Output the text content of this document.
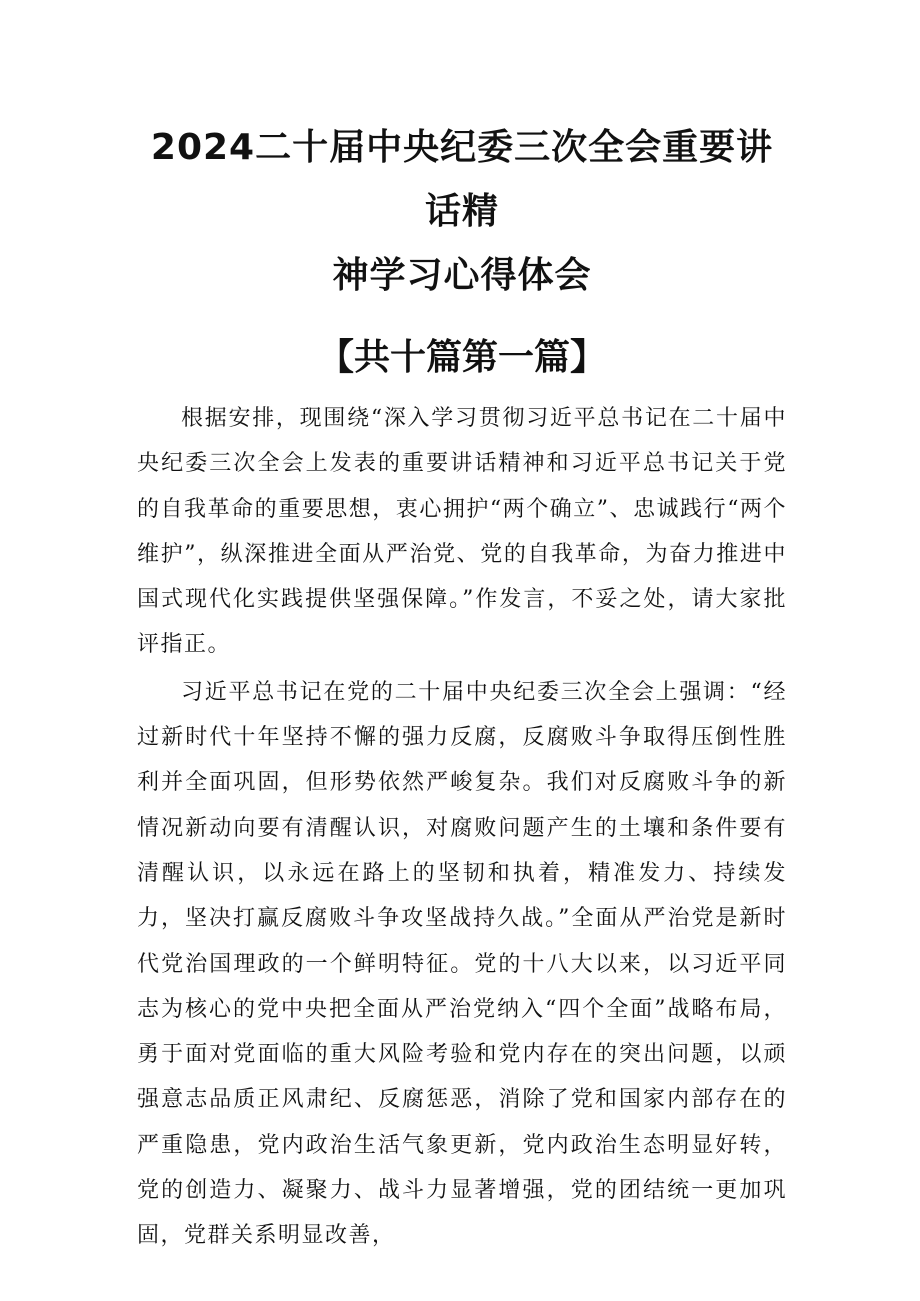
2024二十届中央纪委三次全会重要讲话精
神学习心得体会
【共十篇第一篇】

根据安排，现围绕“深入学习贯彻习近平总书记在二十届中央纪委三次全会上发表的重要讲话精神和习近平总书记关于党的自我革命的重要思想，衷心拥护“两个确立”、忠诚践行“两个维护”，纵深推进全面从严治党、党的自我革命，为奋力推进中国式现代化实践提供坚强保障。”作发言，不妥之处，请大家批评指正。

习近平总书记在党的二十届中央纪委三次全会上强调：“经过新时代十年坚持不懈的强力反腐，反腐败斗争取得压倒性胜利并全面巩固，但形势依然严峻复杂。我们对反腐败斗争的新情况新动向要有清醒认识，对腐败问题产生的土壤和条件要有清醒认识，以永远在路上的坚韧和执着，精准发力、持续发力，坚决打赢反腐败斗争攻坚战持久战。”全面从严治党是新时代党治国理政的一个鲜明特征。党的十八大以来，以习近平同志为核心的党中央把全面从严治党纳入“四个全面”战略布局，勇于面对党面临的重大风险考验和党内存在的突出问题，以顽强意志品质正风肃纪、反腐惩恶，消除了党和国家内部存在的严重隐患，党内政治生活气象更新，党内政治生态明显好转，党的创造力、凝聚力、战斗力显著增强，党的团结统一更加巩固，党群关系明显改善，
